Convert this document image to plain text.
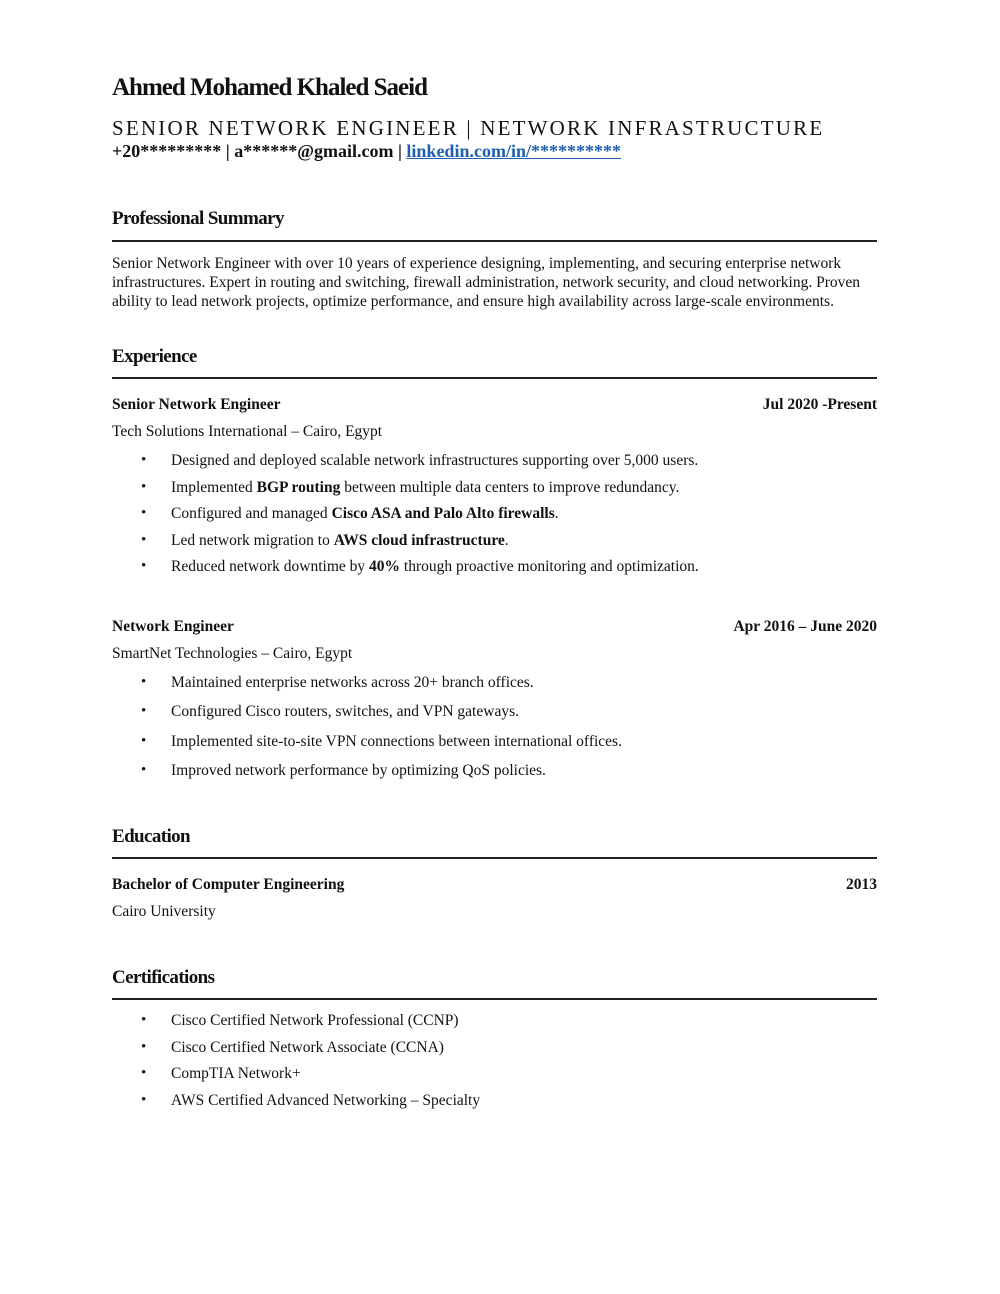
Ahmed Mohamed Khaled Saeid
SENIOR NETWORK ENGINEER | NETWORK INFRASTRUCTURE
+20********* | a******@gmail.com | linkedin.com/in/**********
Professional Summary
Senior Network Engineer with over 10 years of experience designing, implementing, and securing enterprise network infrastructures. Expert in routing and switching, firewall administration, network security, and cloud networking. Proven ability to lead network projects, optimize performance, and ensure high availability across large-scale environments.
Experience
Senior Network Engineer	Jul 2020 -Present
Tech Solutions International – Cairo, Egypt
• Designed and deployed scalable network infrastructures supporting over 5,000 users.
• Implemented BGP routing between multiple data centers to improve redundancy.
• Configured and managed Cisco ASA and Palo Alto firewalls.
• Led network migration to AWS cloud infrastructure.
• Reduced network downtime by 40% through proactive monitoring and optimization.
Network Engineer	Apr 2016 – June 2020
SmartNet Technologies – Cairo, Egypt
• Maintained enterprise networks across 20+ branch offices.
• Configured Cisco routers, switches, and VPN gateways.
• Implemented site-to-site VPN connections between international offices.
• Improved network performance by optimizing QoS policies.
Education
Bachelor of Computer Engineering	2013
Cairo University
Certifications
• Cisco Certified Network Professional (CCNP)
• Cisco Certified Network Associate (CCNA)
• CompTIA Network+
• AWS Certified Advanced Networking – Specialty
